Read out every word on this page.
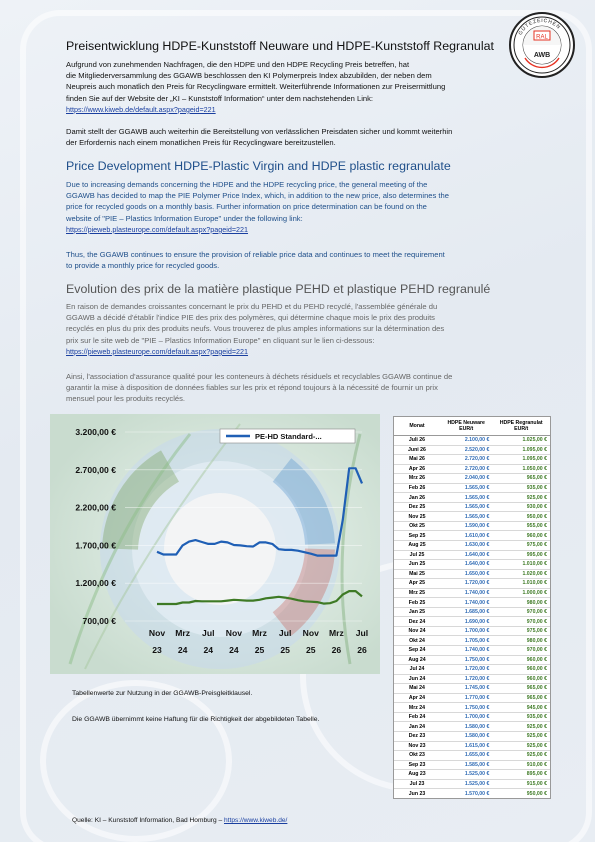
RAL
AWB
GÜTEZEICHEN
Preisentwicklung HDPE-Kunststoff Neuware und HDPE-Kunststoff Regranulat
Aufgrund von zunehmenden Nachfragen, die den HDPE und den HDPE Recycling Preis betreffen, hat
die Mitgliederversammlung des GGAWB beschlossen den KI Polymerpreis Index abzubilden, der neben dem
Neupreis auch monatlich den Preis für Recyclingware ermittelt. Weiterführende Informationen zur Preisermittlung
finden Sie auf der Website der „KI – Kunststoff Information“ unter dem nachstehenden Link:
https://www.kiweb.de/default.aspx?pageid=221
Damit stellt der GGAWB auch weiterhin die Bereitstellung von verlässlichen Preisdaten sicher und kommt weiterhin
der Erfordernis nach einem monatlichen Preis für Recyclingware bereitzustellen.
Price Development HDPE-Plastic Virgin and HDPE plastic regranulate
Due to increasing demands concerning the HDPE and the HDPE recycling price, the general meeting of the
GGAWB has decided to map the PIE Polymer Price Index, which, in addition to the new price, also determines the
price for recycled goods on a monthly basis. Further information on price determination can be found on the
website of "PIE – Plastics Information Europe" under the following link:
https://pieweb.plasteurope.com/default.aspx?pageid=221
Thus, the GGAWB continues to ensure the provision of reliable price data and continues to meet the requirement
to provide a monthly price for recycled goods.
Evolution des prix de la matière plastique PEHD et plastique PEHD regranulé
En raison de demandes croissantes concernant le prix du PEHD et du PEHD recyclé, l'assemblée générale du
GGAWB a décidé d'établir l'indice PIE des prix des polymères, qui détermine chaque mois le prix des produits
recyclés en plus du prix des produits neufs. Vous trouverez de plus amples informations sur la détermination des
prix sur le site web de "PIE – Plastics Information Europe" en cliquant sur le lien ci-dessous:
https://pieweb.plasteurope.com/default.aspx?pageid=221
Ainsi, l'association d'assurance qualité pour les conteneurs à déchets résiduels et recyclables GGAWB continue de
garantir la mise à disposition de données fiables sur les prix et répond toujours à la nécessité de fournir un prix
mensuel pour les produits recyclés.
3.200,00 €
2.700,00 €
2.200,00 €
1.700,00 €
1.200,00 €
700,00 €
Nov
23
Mrz
24
Jul
24
Nov
24
Mrz
25
Jul
25
Nov
25
Mrz
26
Jul
26
PE-HD Standard-...
Monat	HDPE Neuware EUR/t	HDPE Regranulat EUR/t
Juli 26	2.100,00 €	1.025,00 €
Juni 26	2.520,00 €	1.095,00 €
Mai 26	2.720,00 €	1.095,00 €
Apr 26	2.720,00 €	1.050,00 €
Mrz 26	2.040,00 €	965,00 €
Feb 26	1.565,00 €	935,00 €
Jan 26	1.565,00 €	925,00 €
Dez 25	1.565,00 €	930,00 €
Nov 25	1.565,00 €	950,00 €
Okt 25	1.590,00 €	955,00 €
Sep 25	1.610,00 €	960,00 €
Aug 25	1.630,00 €	975,00 €
Jul 25	1.640,00 €	995,00 €
Jun 25	1.640,00 €	1.010,00 €
Mai 25	1.650,00 €	1.020,00 €
Apr 25	1.720,00 €	1.010,00 €
Mrz 25	1.740,00 €	1.000,00 €
Feb 25	1.740,00 €	980,00 €
Jan 25	1.685,00 €	970,00 €
Dez 24	1.690,00 €	970,00 €
Nov 24	1.700,00 €	975,00 €
Okt 24	1.705,00 €	980,00 €
Sep 24	1.740,00 €	970,00 €
Aug 24	1.750,00 €	960,00 €
Jul 24	1.720,00 €	960,00 €
Jun 24	1.720,00 €	960,00 €
Mai 24	1.745,00 €	965,00 €
Apr 24	1.770,00 €	965,00 €
Mrz 24	1.750,00 €	945,00 €
Feb 24	1.700,00 €	935,00 €
Jan 24	1.580,00 €	925,00 €
Dez 23	1.580,00 €	925,00 €
Nov 23	1.615,00 €	925,00 €
Okt 23	1.655,00 €	925,00 €
Sep 23	1.585,00 €	910,00 €
Aug 23	1.525,00 €	895,00 €
Jul 23	1.525,00 €	915,00 €
Jun 23	1.570,00 €	950,00 €
Tabellenwerte zur Nutzung in der GGAWB-Preisgleitklausel.
Die GGAWB übernimmt keine Haftung für die Richtigkeit der abgebildeten Tabelle.
Quelle: KI – Kunststoff Information, Bad Homburg – https://www.kiweb.de/
